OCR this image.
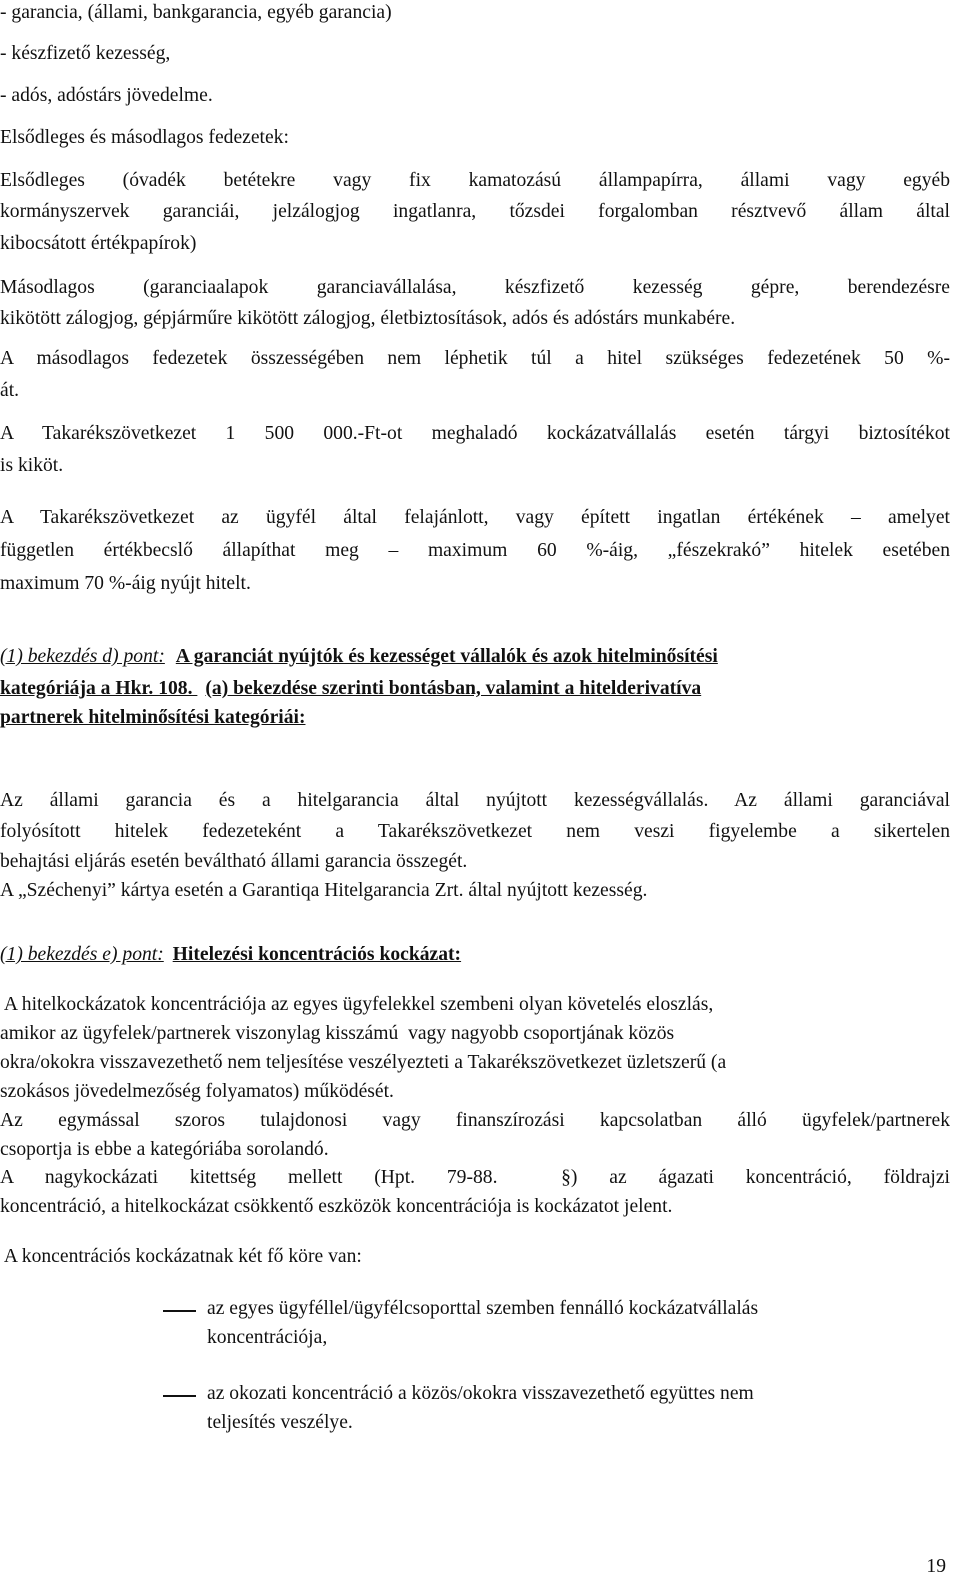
- garancia, (állami, bankgarancia, egyéb garancia)
- készfizető kezesség,
- adós, adóstárs jövedelme.
Elsődleges és másodlagos fedezetek:
Elsődleges (óvadék betétekre vagy fix kamatozású állampapírra, állami vagy egyéb
kormányszervek garanciái, jelzálogjog ingatlanra, tőzsdei forgalomban résztvevő állam által
kibocsátott értékpapírok)
Másodlagos (garanciaalapok garanciavállalása, készfizető kezesség gépre, berendezésre
kikötött zálogjog, gépjárműre kikötött zálogjog, életbiztosítások, adós és adóstárs munkabére.
A másodlagos fedezetek összességében nem léphetik túl a hitel szükséges fedezetének 50 %-
át.
A Takarékszövetkezet 1 500 000.-Ft-ot meghaladó kockázatvállalás esetén tárgyi biztosítékot
is kiköt.
A Takarékszövetkezet az ügyfél által felajánlott, vagy épített ingatlan értékének – amelyet
független értékbecslő állapíthat meg – maximum 60 %-áig, „fészekrakó” hitelek esetében
maximum 70 %-áig nyújt hitelt.
(1) bekezdés d) pont: A garanciát nyújtók és kezességet vállalók és azok hitelminősítési
kategóriája a Hkr. 108. (a) bekezdése szerinti bontásban, valamint a hitelderivatíva
partnerek hitelminősítési kategóriái:
Az állami garancia és a hitelgarancia által nyújtott kezességvállalás. Az állami garanciával
folyósított hitelek fedezeteként a Takarékszövetkezet nem veszi figyelembe a sikertelen
behajtási eljárás esetén beváltható állami garancia összegét.
A „Széchenyi” kártya esetén a Garantiqa Hitelgarancia Zrt. által nyújtott kezesség.
(1) bekezdés e) pont: Hitelezési koncentrációs kockázat:
A hitelkockázatok koncentrációja az egyes ügyfelekkel szembeni olyan követelés eloszlás,
amikor az ügyfelek/partnerek viszonylag kisszámú  vagy nagyobb csoportjának közös
okra/okokra visszavezethető nem teljesítése veszélyezteti a Takarékszövetkezet üzletszerű (a
szokásos jövedelmezőség folyamatos) működését.
Az egymással szoros tulajdonosi vagy finanszírozási kapcsolatban álló ügyfelek/partnerek
csoportja is ebbe a kategóriába sorolandó.
A nagykockázati kitettség mellett (Hpt. 79-88.  §) az ágazati koncentráció, földrajzi
koncentráció, a hitelkockázat csökkentő eszközök koncentrációja is kockázatot jelent.
A koncentrációs kockázatnak két fő köre van:
az egyes ügyféllel/ügyfélcsoporttal szemben fennálló kockázatvállalás
koncentrációja,
az okozati koncentráció a közös/okokra visszavezethető együttes nem
teljesítés veszélye.
19
